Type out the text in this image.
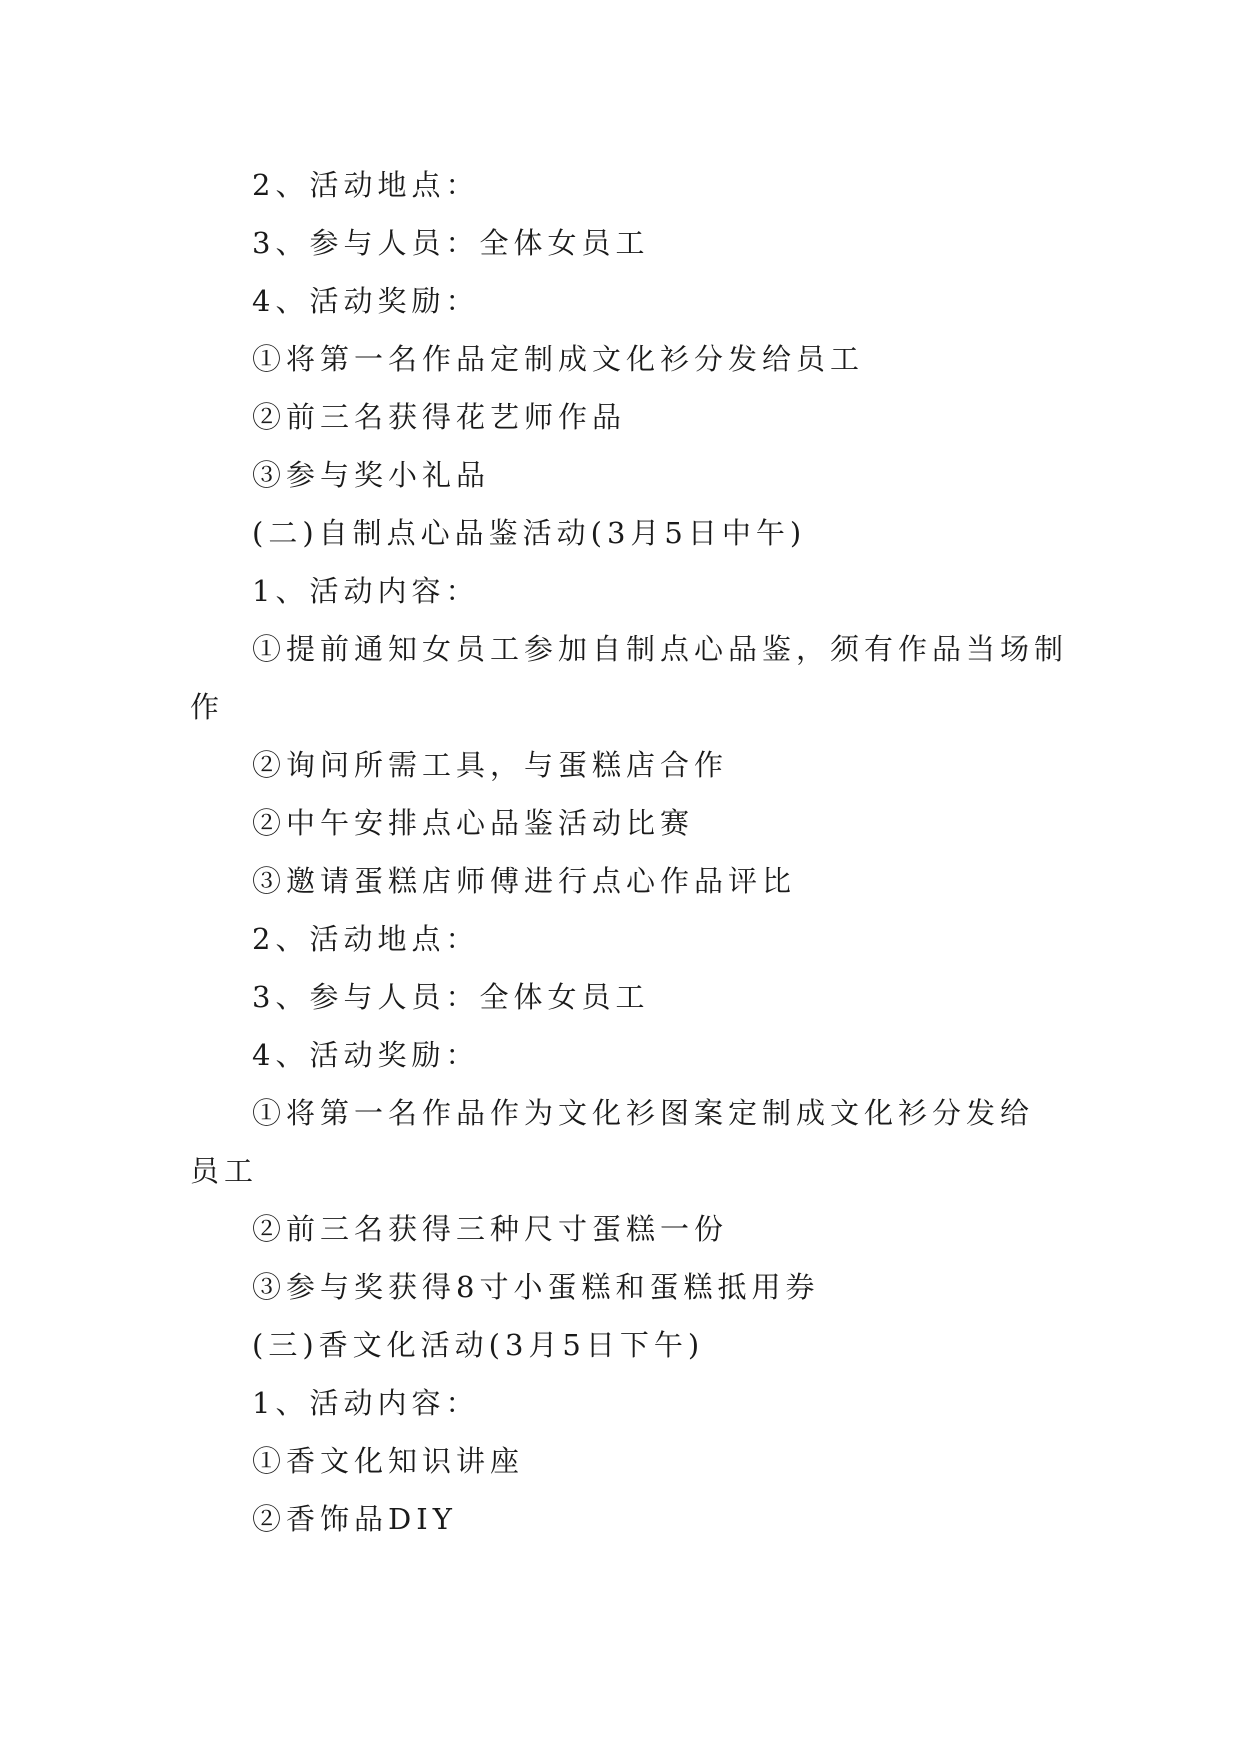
2、活动地点：
3、参与人员：全体女员工
4、活动奖励：
①将第一名作品定制成文化衫分发给员工
②前三名获得花艺师作品
③参与奖小礼品
(二)自制点心品鉴活动(3月5日中午)
1、活动内容：
①提前通知女员工参加自制点心品鉴，须有作品当场制
作
②询问所需工具，与蛋糕店合作
②中午安排点心品鉴活动比赛
③邀请蛋糕店师傅进行点心作品评比
2、活动地点：
3、参与人员：全体女员工
4、活动奖励：
①将第一名作品作为文化衫图案定制成文化衫分发给
员工
②前三名获得三种尺寸蛋糕一份
③参与奖获得8寸小蛋糕和蛋糕抵用券
(三)香文化活动(3月5日下午)
1、活动内容：
①香文化知识讲座
②香饰品DIY
